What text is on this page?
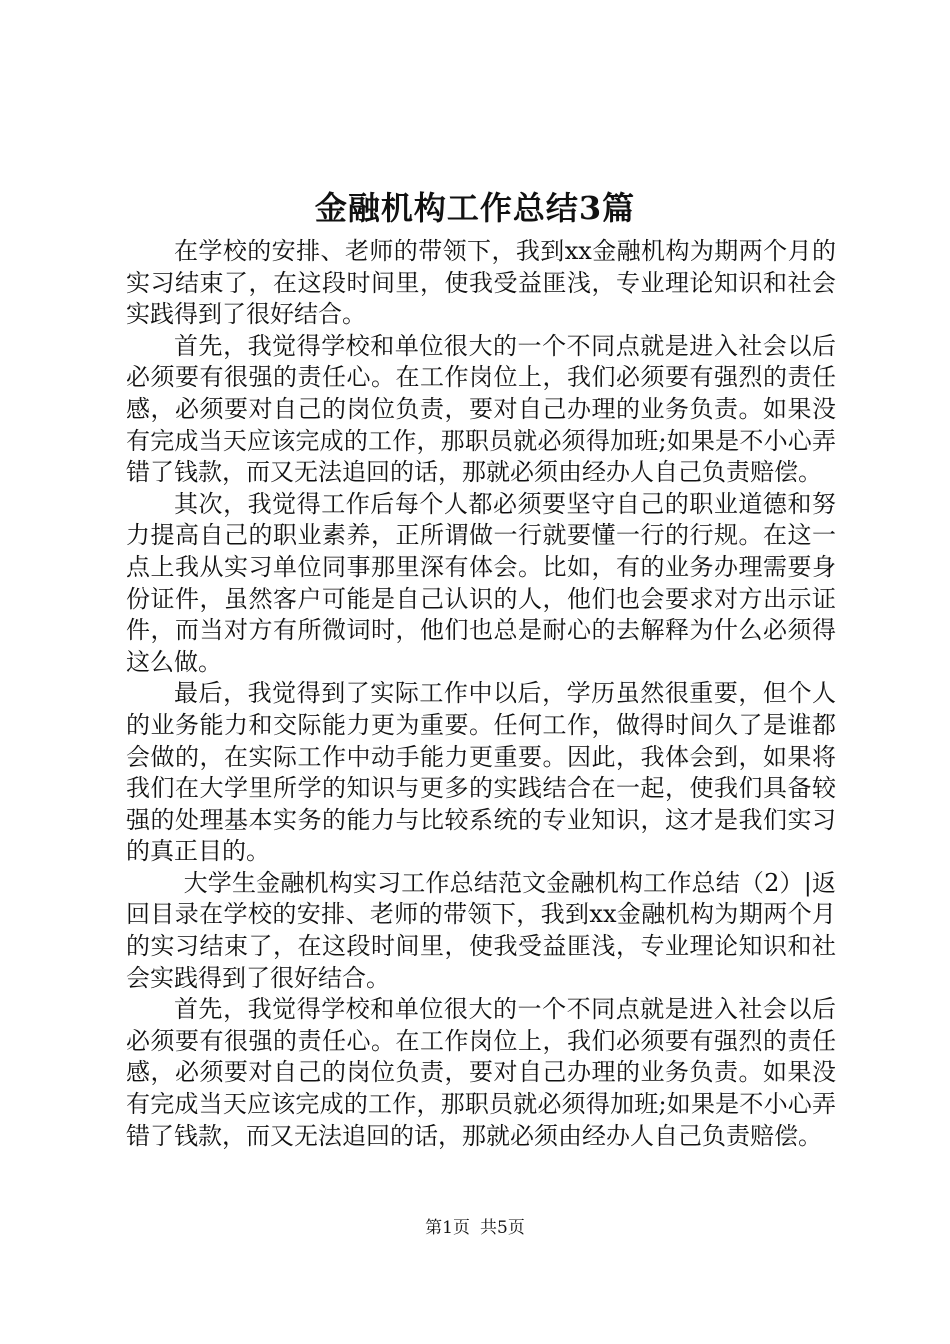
金融机构工作总结3篇

在学校的安排、老师的带领下，我到xx金融机构为期两个月的实习结束了，在这段时间里，使我受益匪浅，专业理论知识和社会实践得到了很好结合。

首先，我觉得学校和单位很大的一个不同点就是进入社会以后必须要有很强的责任心。在工作岗位上，我们必须要有强烈的责任感，必须要对自己的岗位负责，要对自己办理的业务负责。如果没有完成当天应该完成的工作，那职员就必须得加班;如果是不小心弄错了钱款，而又无法追回的话，那就必须由经办人自己负责赔偿。

其次，我觉得工作后每个人都必须要坚守自己的职业道德和努力提高自己的职业素养，正所谓做一行就要懂一行的行规。在这一点上我从实习单位同事那里深有体会。比如，有的业务办理需要身份证件，虽然客户可能是自己认识的人，他们也会要求对方出示证件，而当对方有所微词时，他们也总是耐心的去解释为什么必须得这么做。

最后，我觉得到了实际工作中以后，学历虽然很重要，但个人的业务能力和交际能力更为重要。任何工作，做得时间久了是谁都会做的，在实际工作中动手能力更重要。因此，我体会到，如果将我们在大学里所学的知识与更多的实践结合在一起，使我们具备较强的处理基本实务的能力与比较系统的专业知识，这才是我们实习的真正目的。

大学生金融机构实习工作总结范文金融机构工作总结（2）|返回目录在学校的安排、老师的带领下，我到xx金融机构为期两个月的实习结束了，在这段时间里，使我受益匪浅，专业理论知识和社会实践得到了很好结合。

首先，我觉得学校和单位很大的一个不同点就是进入社会以后必须要有很强的责任心。在工作岗位上，我们必须要有强烈的责任感，必须要对自己的岗位负责，要对自己办理的业务负责。如果没有完成当天应该完成的工作，那职员就必须得加班;如果是不小心弄错了钱款，而又无法追回的话，那就必须由经办人自己负责赔偿。

第1页 共5页
